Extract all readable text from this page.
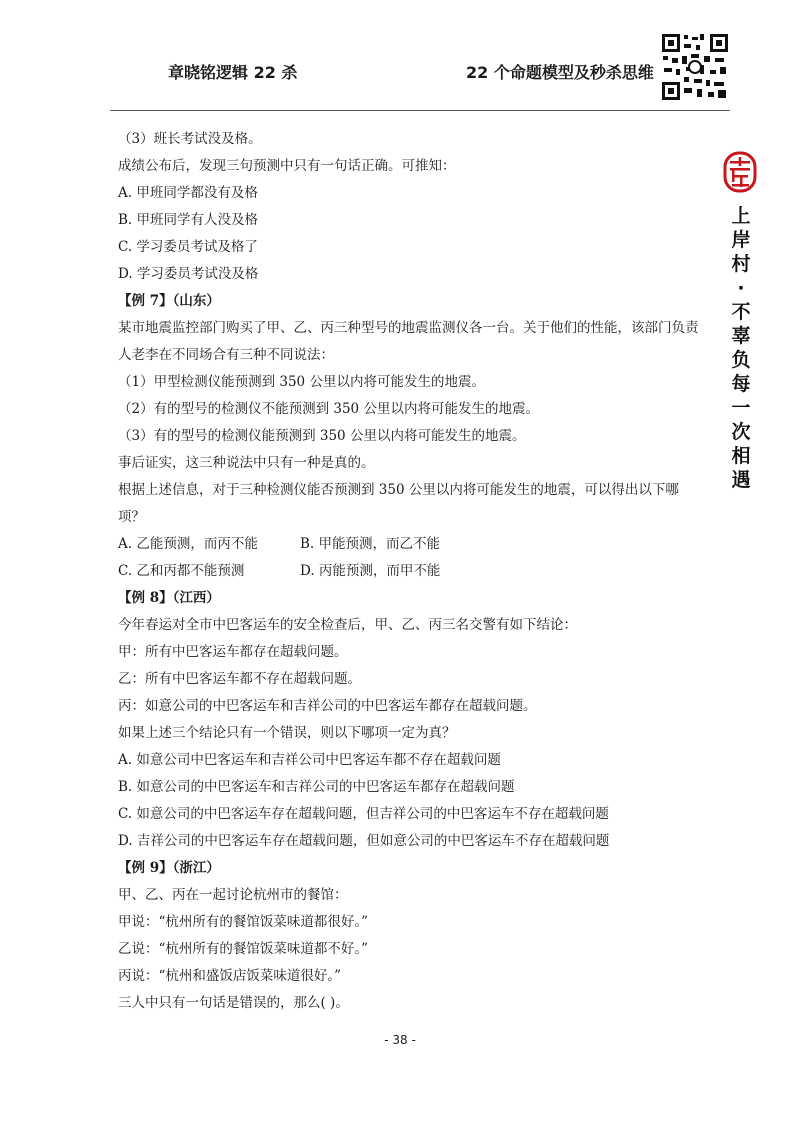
章晓铭逻辑 22 杀	22 个命题模型及秒杀思维
上岸村·不辜负每一次相遇
（3）班长考试没及格。
成绩公布后，发现三句预测中只有一句话正确。可推知：
A. 甲班同学都没有及格
B. 甲班同学有人没及格
C. 学习委员考试及格了
D. 学习委员考试没及格
【例 7】（山东）
某市地震监控部门购买了甲、乙、丙三种型号的地震监测仪各一台。关于他们的性能，该部门负责人老李在不同场合有三种不同说法：
（1）甲型检测仪能预测到 350 公里以内将可能发生的地震。
（2）有的型号的检测仪不能预测到 350 公里以内将可能发生的地震。
（3）有的型号的检测仪能预测到 350 公里以内将可能发生的地震。
事后证实，这三种说法中只有一种是真的。
根据上述信息，对于三种检测仪能否预测到 350 公里以内将可能发生的地震，可以得出以下哪项？
A. 乙能预测，而丙不能	B. 甲能预测，而乙不能
C. 乙和丙都不能预测	D. 丙能预测，而甲不能
【例 8】（江西）
今年春运对全市中巴客运车的安全检查后，甲、乙、丙三名交警有如下结论：
甲：所有中巴客运车都存在超载问题。
乙：所有中巴客运车都不存在超载问题。
丙：如意公司的中巴客运车和吉祥公司的中巴客运车都存在超载问题。
如果上述三个结论只有一个错误，则以下哪项一定为真？
A. 如意公司中巴客运车和吉祥公司中巴客运车都不存在超载问题
B. 如意公司的中巴客运车和吉祥公司的中巴客运车都存在超载问题
C. 如意公司的中巴客运车存在超载问题，但吉祥公司的中巴客运车不存在超载问题
D. 吉祥公司的中巴客运车存在超载问题，但如意公司的中巴客运车不存在超载问题
【例 9】（浙江）
甲、乙、丙在一起讨论杭州市的餐馆：
甲说：“杭州所有的餐馆饭菜味道都很好。”
乙说：“杭州所有的餐馆饭菜味道都不好。”
丙说：“杭州和盛饭店饭菜味道很好。”
三人中只有一句话是错误的，那么( )。
- 38 -
